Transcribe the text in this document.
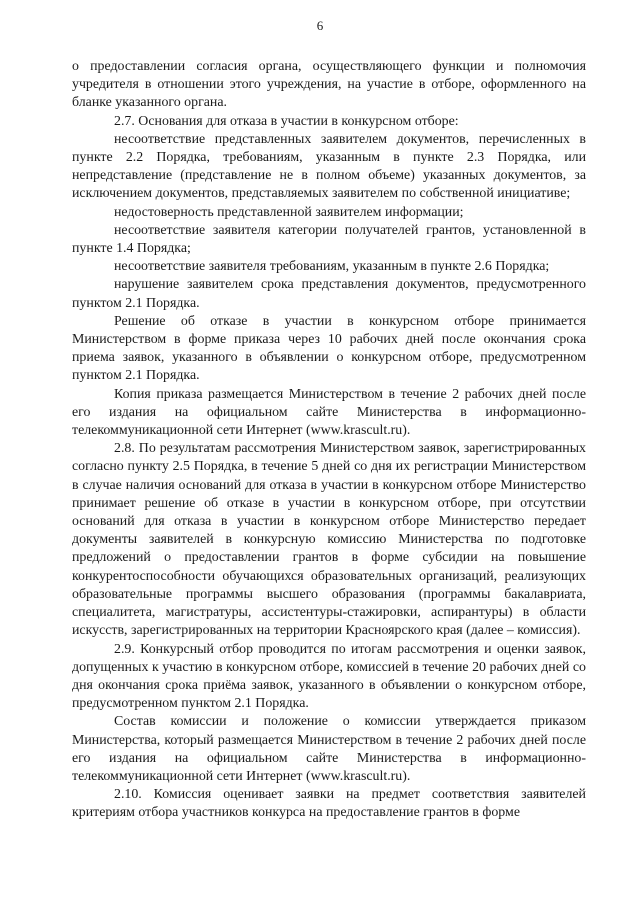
6

о предоставлении согласия органа, осуществляющего функции и полномочия учредителя в отношении этого учреждения, на участие в отборе, оформленного на бланке указанного органа.

2.7. Основания для отказа в участии в конкурсном отборе:

несоответствие представленных заявителем документов, перечисленных в пункте 2.2 Порядка, требованиям, указанным в пункте 2.3 Порядка, или непредставление (представление не в полном объеме) указанных документов, за исключением документов, представляемых заявителем по собственной инициативе;

недостоверность представленной заявителем информации;

несоответствие заявителя категории получателей грантов, установленной в пункте 1.4 Порядка;

несоответствие заявителя требованиям, указанным в пункте 2.6 Порядка;

нарушение заявителем срока представления документов, предусмотренного пунктом 2.1 Порядка.

Решение об отказе в участии в конкурсном отборе принимается Министерством в форме приказа через 10 рабочих дней после окончания срока приема заявок, указанного в объявлении о конкурсном отборе, предусмотренном пунктом 2.1 Порядка.

Копия приказа размещается Министерством в течение 2 рабочих дней после его издания на официальном сайте Министерства в информационно-телекоммуникационной сети Интернет (www.krascult.ru).

2.8. По результатам рассмотрения Министерством заявок, зарегистрированных согласно пункту 2.5 Порядка, в течение 5 дней со дня их регистрации Министерством в случае наличия оснований для отказа в участии в конкурсном отборе Министерство принимает решение об отказе в участии в конкурсном отборе, при отсутствии оснований для отказа в участии в конкурсном отборе Министерство передает документы заявителей в конкурсную комиссию Министерства по подготовке предложений о предоставлении грантов в форме субсидии на повышение конкурентоспособности обучающихся образовательных организаций, реализующих образовательные программы высшего образования (программы бакалавриата, специалитета, магистратуры, ассистентуры-стажировки, аспирантуры) в области искусств, зарегистрированных на территории Красноярского края (далее – комиссия).

2.9. Конкурсный отбор проводится по итогам рассмотрения и оценки заявок, допущенных к участию в конкурсном отборе, комиссией в течение 20 рабочих дней со дня окончания срока приёма заявок, указанного в объявлении о конкурсном отборе, предусмотренном пунктом 2.1 Порядка.

Состав комиссии и положение о комиссии утверждается приказом Министерства, который размещается Министерством в течение 2 рабочих дней после его издания на официальном сайте Министерства в информационно-телекоммуникационной сети Интернет (www.krascult.ru).

2.10. Комиссия оценивает заявки на предмет соответствия заявителей критериям отбора участников конкурса на предоставление грантов в форме
